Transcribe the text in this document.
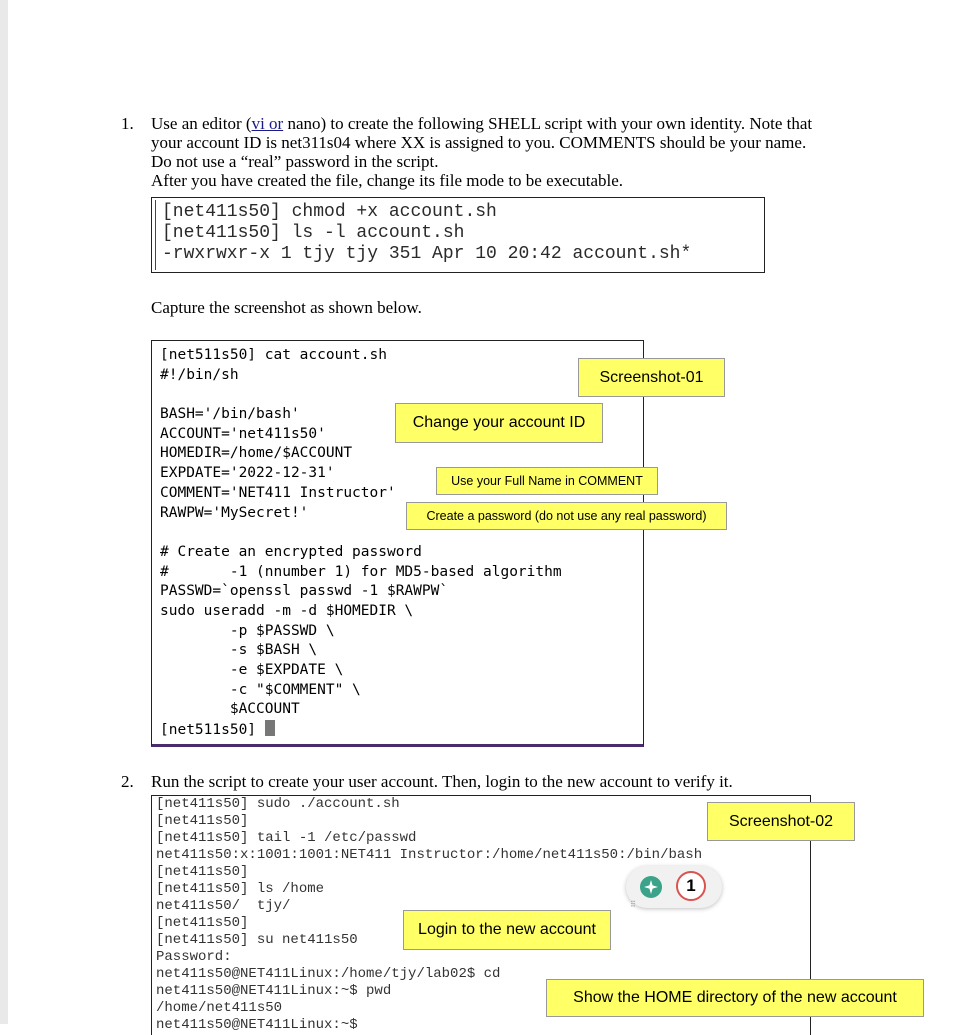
1. Use an editor (vi or nano) to create the following SHELL script with your own identity. Note that
your account ID is net311s04 where XX is assigned to you. COMMENTS should be your name.
Do not use a “real” password in the script.
After you have created the file, change its file mode to be executable.
[net411s50] chmod +x account.sh
[net411s50] ls -l account.sh
-rwxrwxr-x 1 tjy tjy 351 Apr 10 20:42 account.sh*
Capture the screenshot as shown below.
[net511s50] cat account.sh
#!/bin/sh
BASH='/bin/bash'
ACCOUNT='net411s50'
HOMEDIR=/home/$ACCOUNT
EXPDATE='2022-12-31'
COMMENT='NET411 Instructor'
RAWPW='MySecret!'
# Create an encrypted password
#       -1 (nnumber 1) for MD5-based algorithm
PASSWD=`openssl passwd -1 $RAWPW`
sudo useradd -m -d $HOMEDIR \
-p $PASSWD \
-s $BASH \
-e $EXPDATE \
-c "$COMMENT" \
$ACCOUNT
[net511s50]
Screenshot-01
Change your account ID
Use your Full Name in COMMENT
Create a password (do not use any real password)
2. Run the script to create your user account. Then, login to the new account to verify it.
[net411s50] sudo ./account.sh
[net411s50]
[net411s50] tail -1 /etc/passwd
net411s50:x:1001:1001:NET411 Instructor:/home/net411s50:/bin/bash
[net411s50]
[net411s50] ls /home
net411s50/  tjy/
[net411s50]
[net411s50] su net411s50
Password:
net411s50@NET411Linux:/home/tjy/lab02$ cd
net411s50@NET411Linux:~$ pwd
/home/net411s50
net411s50@NET411Linux:~$
Screenshot-02
Login to the new account
Show the HOME directory of the new account
1
⠿
